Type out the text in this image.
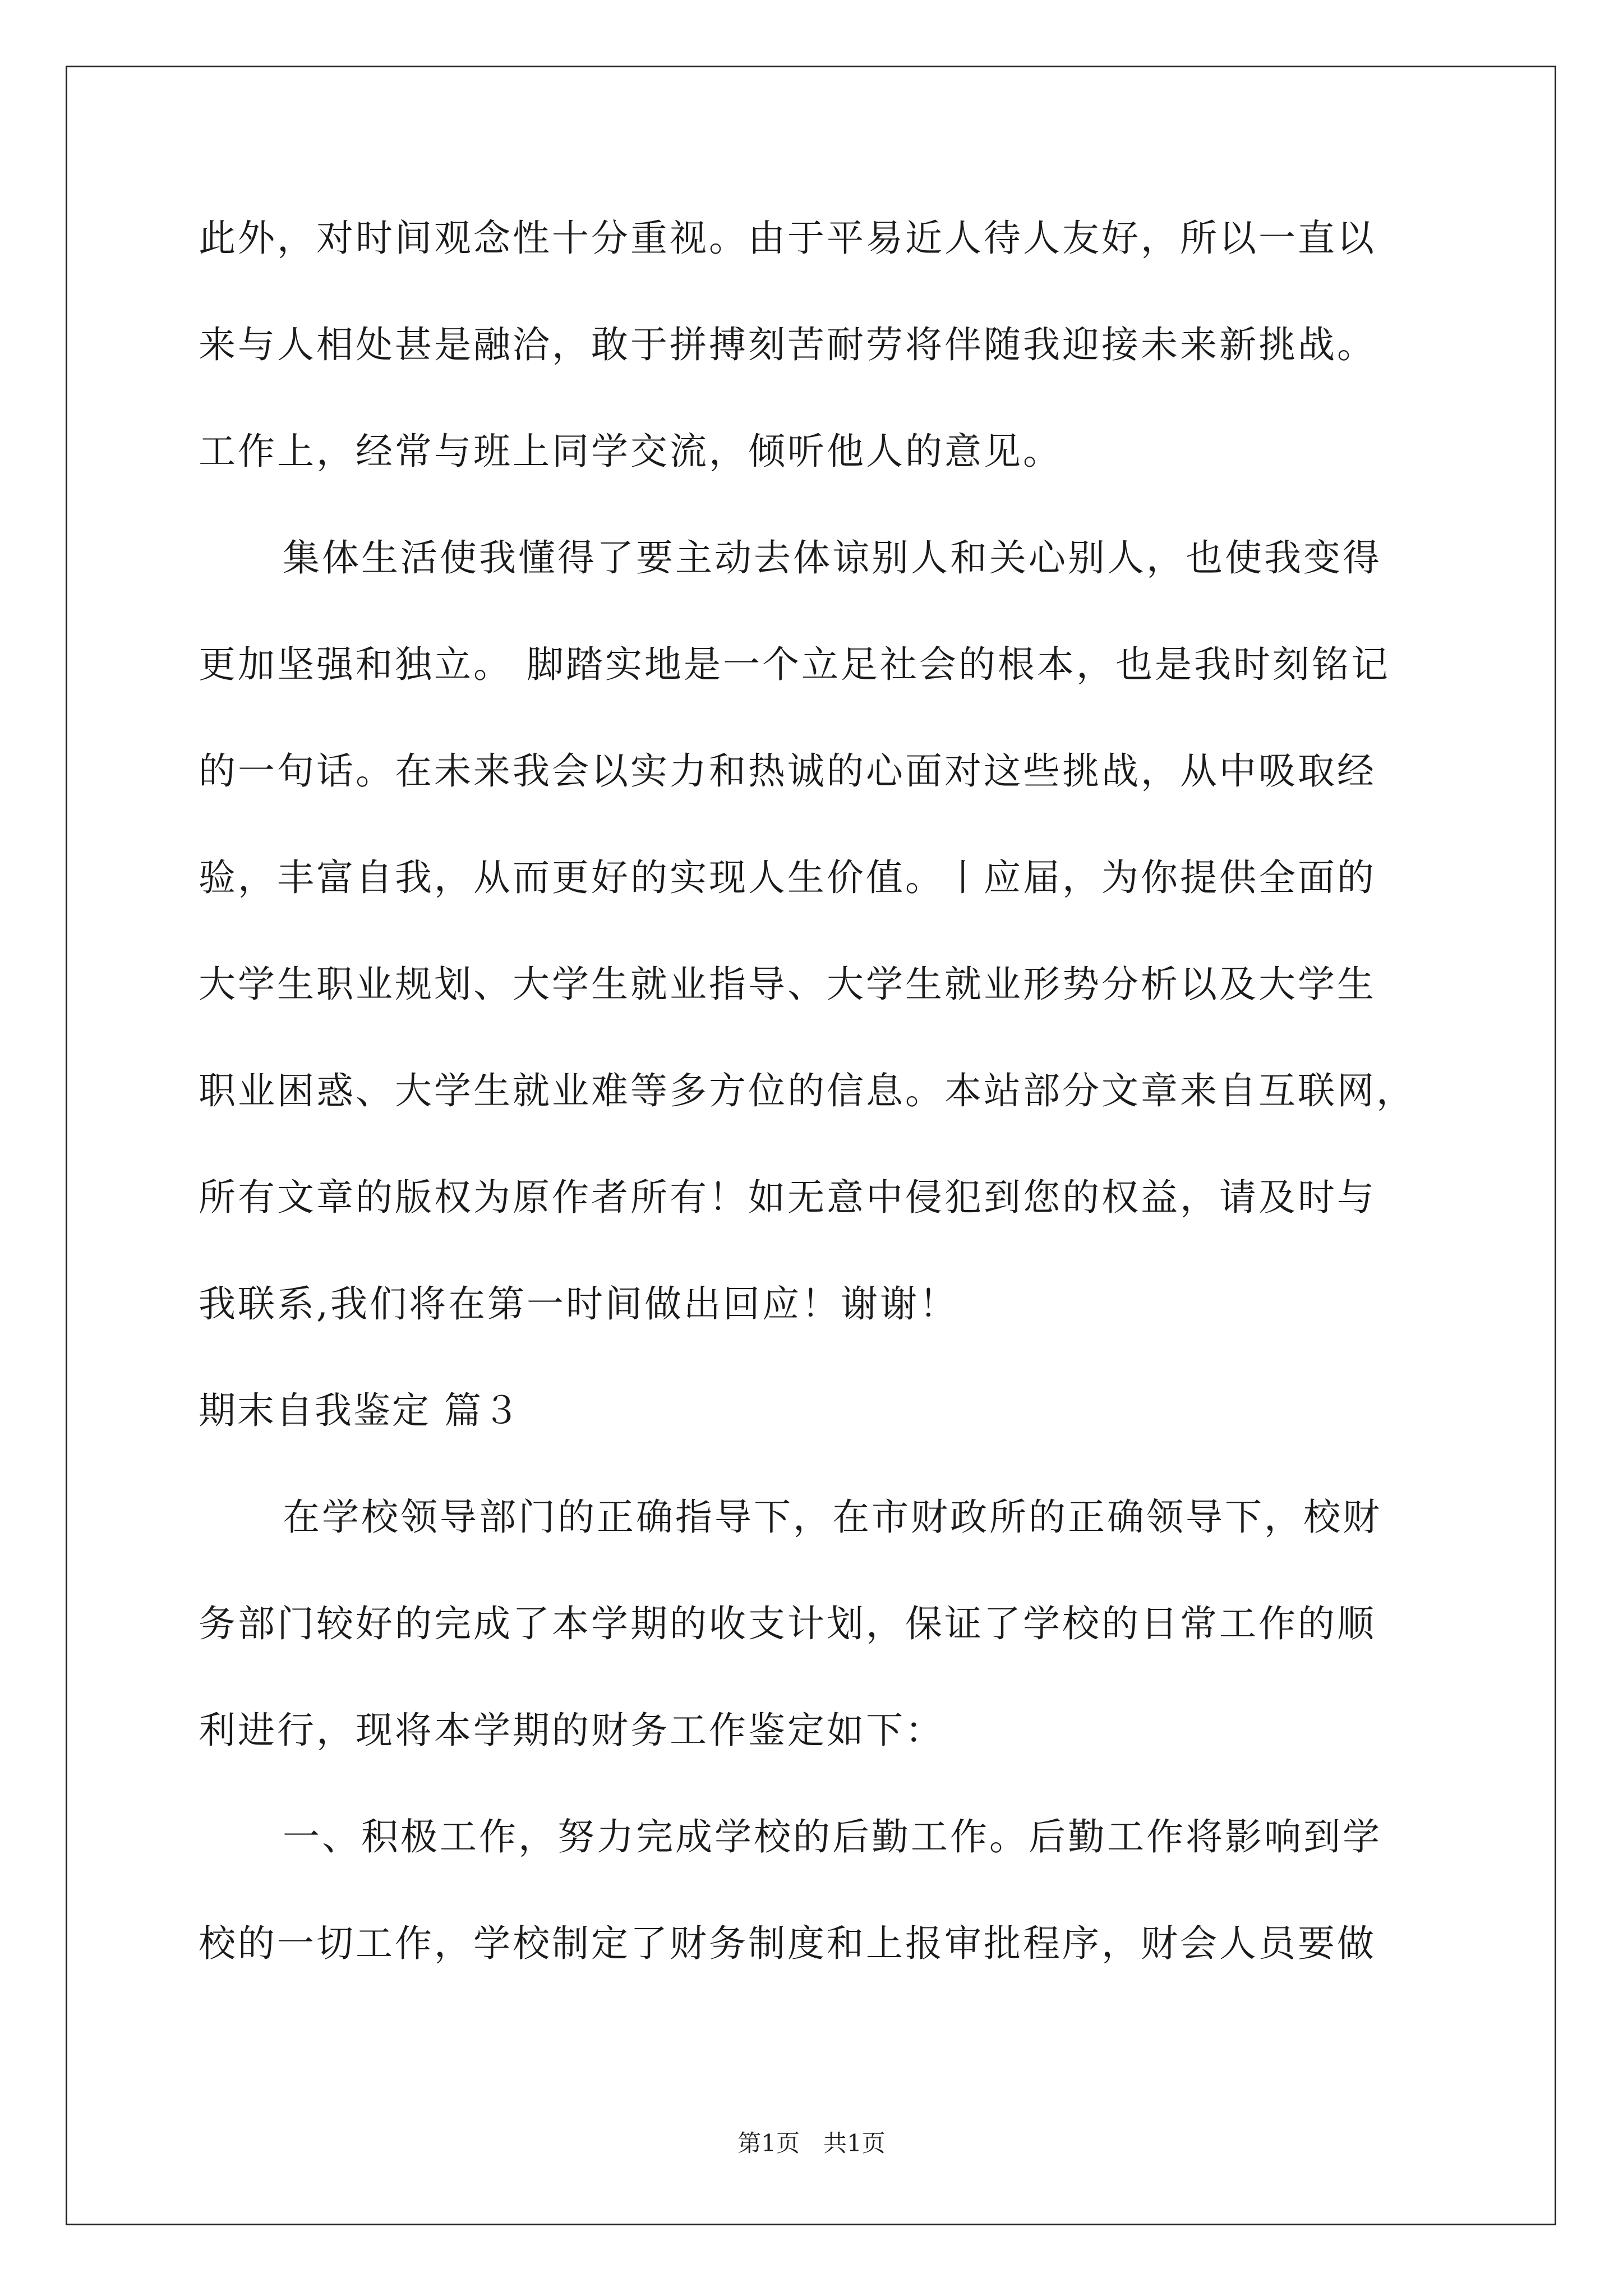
此外，对时间观念性十分重视。由于平易近人待人友好，所以一直以
来与人相处甚是融洽，敢于拼搏刻苦耐劳将伴随我迎接未来新挑战。
工作上，经常与班上同学交流，倾听他人的意见。
集体生活使我懂得了要主动去体谅别人和关心别人，也使我变得
更加坚强和独立。 脚踏实地是一个立足社会的根本，也是我时刻铭记
的一句话。在未来我会以实力和热诚的心面对这些挑战，从中吸取经
验，丰富自我，从而更好的实现人生价值。丨应届，为你提供全面的
大学生职业规划、大学生就业指导、大学生就业形势分析以及大学生
职业困惑、大学生就业难等多方位的信息。本站部分文章来自互联网，
所有文章的版权为原作者所有！如无意中侵犯到您的权益，请及时与
我联系,我们将在第一时间做出回应！谢谢！
期末自我鉴定 篇３
在学校领导部门的正确指导下，在市财政所的正确领导下，校财
务部门较好的完成了本学期的收支计划，保证了学校的日常工作的顺
利进行，现将本学期的财务工作鉴定如下：
一、积极工作，努力完成学校的后勤工作。后勤工作将影响到学
校的一切工作，学校制定了财务制度和上报审批程序，财会人员要做
第1页　共1页
